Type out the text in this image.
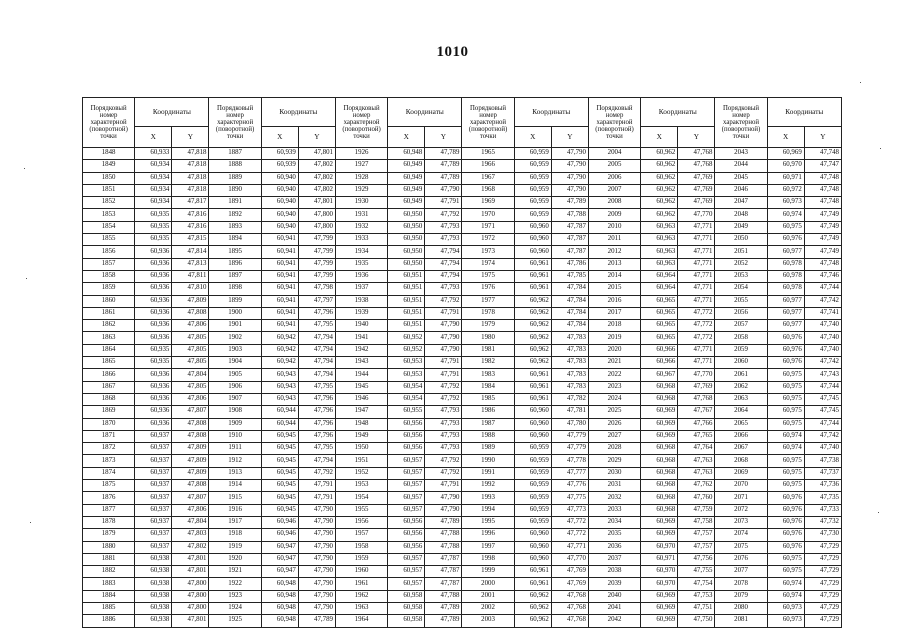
1010
Порядковый номер характерной (поворотной) точки	Координаты		Порядковый номер характерной (поворотной) точки	Координаты		Порядковый номер характерной (поворотной) точки	Координаты		Порядковый номер характерной (поворотной) точки	Координаты		Порядковый номер характерной (поворотной) точки	Координаты		Порядковый номер характерной (поворотной) точки	Координаты	
	X	Y		X	Y		X	Y		X	Y		X	Y		X	Y
1848	60,933	47,818	1887	60,939	47,801	1926	60,948	47,789	1965	60,959	47,790	2004	60,962	47,768	2043	60,969	47,748
1849	60,934	47,818	1888	60,939	47,802	1927	60,949	47,789	1966	60,959	47,790	2005	60,962	47,768	2044	60,970	47,747
1850	60,934	47,818	1889	60,940	47,802	1928	60,949	47,789	1967	60,959	47,790	2006	60,962	47,769	2045	60,971	47,748
1851	60,934	47,818	1890	60,940	47,802	1929	60,949	47,790	1968	60,959	47,790	2007	60,962	47,769	2046	60,972	47,748
1852	60,934	47,817	1891	60,940	47,801	1930	60,949	47,791	1969	60,959	47,789	2008	60,962	47,769	2047	60,973	47,748
1853	60,935	47,816	1892	60,940	47,800	1931	60,950	47,792	1970	60,959	47,788	2009	60,962	47,770	2048	60,974	47,749
1854	60,935	47,816	1893	60,940	47,800	1932	60,950	47,793	1971	60,960	47,787	2010	60,963	47,771	2049	60,975	47,749
1855	60,935	47,815	1894	60,941	47,799	1933	60,950	47,793	1972	60,960	47,787	2011	60,963	47,771	2050	60,976	47,749
1856	60,936	47,814	1895	60,941	47,799	1934	60,950	47,794	1973	60,960	47,787	2012	60,963	47,771	2051	60,977	47,749
1857	60,936	47,813	1896	60,941	47,799	1935	60,950	47,794	1974	60,961	47,786	2013	60,963	47,771	2052	60,978	47,748
1858	60,936	47,811	1897	60,941	47,799	1936	60,951	47,794	1975	60,961	47,785	2014	60,964	47,771	2053	60,978	47,746
1859	60,936	47,810	1898	60,941	47,798	1937	60,951	47,793	1976	60,961	47,784	2015	60,964	47,771	2054	60,978	47,744
1860	60,936	47,809	1899	60,941	47,797	1938	60,951	47,792	1977	60,962	47,784	2016	60,965	47,771	2055	60,977	47,742
1861	60,936	47,808	1900	60,941	47,796	1939	60,951	47,791	1978	60,962	47,784	2017	60,965	47,772	2056	60,977	47,741
1862	60,936	47,806	1901	60,941	47,795	1940	60,951	47,790	1979	60,962	47,784	2018	60,965	47,772	2057	60,977	47,740
1863	60,936	47,805	1902	60,942	47,794	1941	60,952	47,790	1980	60,962	47,783	2019	60,965	47,772	2058	60,976	47,740
1864	60,935	47,805	1903	60,942	47,794	1942	60,952	47,790	1981	60,962	47,783	2020	60,966	47,771	2059	60,976	47,740
1865	60,935	47,805	1904	60,942	47,794	1943	60,953	47,791	1982	60,962	47,783	2021	60,966	47,771	2060	60,976	47,742
1866	60,936	47,804	1905	60,943	47,794	1944	60,953	47,791	1983	60,961	47,783	2022	60,967	47,770	2061	60,975	47,743
1867	60,936	47,805	1906	60,943	47,795	1945	60,954	47,792	1984	60,961	47,783	2023	60,968	47,769	2062	60,975	47,744
1868	60,936	47,806	1907	60,943	47,796	1946	60,954	47,792	1985	60,961	47,782	2024	60,968	47,768	2063	60,975	47,745
1869	60,936	47,807	1908	60,944	47,796	1947	60,955	47,793	1986	60,960	47,781	2025	60,969	47,767	2064	60,975	47,745
1870	60,936	47,808	1909	60,944	47,796	1948	60,956	47,793	1987	60,960	47,780	2026	60,969	47,766	2065	60,975	47,744
1871	60,937	47,808	1910	60,945	47,796	1949	60,956	47,793	1988	60,960	47,779	2027	60,969	47,765	2066	60,974	47,742
1872	60,937	47,809	1911	60,945	47,795	1950	60,956	47,793	1989	60,959	47,779	2028	60,968	47,764	2067	60,974	47,740
1873	60,937	47,809	1912	60,945	47,794	1951	60,957	47,792	1990	60,959	47,778	2029	60,968	47,763	2068	60,975	47,738
1874	60,937	47,809	1913	60,945	47,792	1952	60,957	47,792	1991	60,959	47,777	2030	60,968	47,763	2069	60,975	47,737
1875	60,937	47,808	1914	60,945	47,791	1953	60,957	47,791	1992	60,959	47,776	2031	60,968	47,762	2070	60,975	47,736
1876	60,937	47,807	1915	60,945	47,791	1954	60,957	47,790	1993	60,959	47,775	2032	60,968	47,760	2071	60,976	47,735
1877	60,937	47,806	1916	60,945	47,790	1955	60,957	47,790	1994	60,959	47,773	2033	60,968	47,759	2072	60,976	47,733
1878	60,937	47,804	1917	60,946	47,790	1956	60,956	47,789	1995	60,959	47,772	2034	60,969	47,758	2073	60,976	47,732
1879	60,937	47,803	1918	60,946	47,790	1957	60,956	47,788	1996	60,960	47,772	2035	60,969	47,757	2074	60,976	47,730
1880	60,937	47,802	1919	60,947	47,790	1958	60,956	47,788	1997	60,960	47,771	2036	60,970	47,757	2075	60,976	47,729
1881	60,938	47,801	1920	60,947	47,790	1959	60,957	47,787	1998	60,960	47,770	2037	60,971	47,756	2076	60,975	47,729
1882	60,938	47,801	1921	60,947	47,790	1960	60,957	47,787	1999	60,961	47,769	2038	60,970	47,755	2077	60,975	47,729
1883	60,938	47,800	1922	60,948	47,790	1961	60,957	47,787	2000	60,961	47,769	2039	60,970	47,754	2078	60,974	47,729
1884	60,938	47,800	1923	60,948	47,790	1962	60,958	47,788	2001	60,962	47,768	2040	60,969	47,753	2079	60,974	47,729
1885	60,938	47,800	1924	60,948	47,790	1963	60,958	47,789	2002	60,962	47,768	2041	60,969	47,751	2080	60,973	47,729
1886	60,938	47,801	1925	60,948	47,789	1964	60,958	47,789	2003	60,962	47,768	2042	60,969	47,750	2081	60,973	47,729
